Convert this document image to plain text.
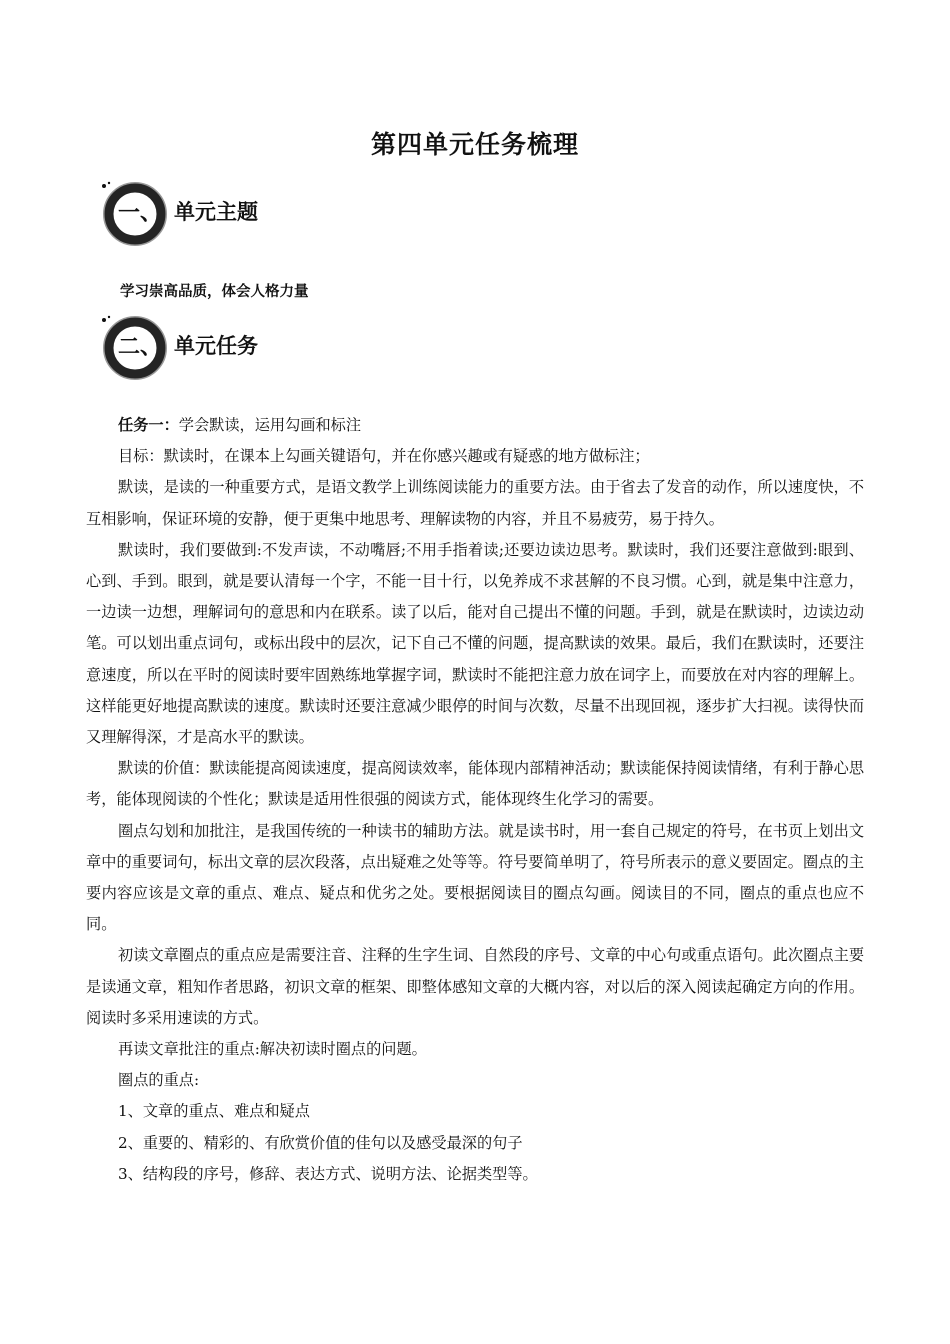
第四单元任务梳理
一、 单元主题
学习崇高品质，体会人格力量
二、 单元任务

任务一：学会默读，运用勾画和标注

目标：默读时，在课本上勾画关键语句，并在你感兴趣或有疑惑的地方做标注；

默读，是读的一种重要方式，是语文教学上训练阅读能力的重要方法。由于省去了发音的动作，所以速度快，不互相影响，保证环境的安静，便于更集中地思考、理解读物的内容，并且不易疲劳，易于持久。

默读时，我们要做到:不发声读，不动嘴唇;不用手指着读;还要边读边思考。默读时，我们还要注意做到:眼到、心到、手到。眼到，就是要认清每一个字，不能一目十行，以免养成不求甚解的不良习惯。心到，就是集中注意力，一边读一边想，理解词句的意思和内在联系。读了以后，能对自己提出不懂的问题。手到，就是在默读时，边读边动笔。可以划出重点词句，或标出段中的层次，记下自己不懂的问题，提高默读的效果。最后，我们在默读时，还要注意速度，所以在平时的阅读时要牢固熟练地掌握字词，默读时不能把注意力放在词字上，而要放在对内容的理解上。这样能更好地提高默读的速度。默读时还要注意减少眼停的时间与次数，尽量不出现回视，逐步扩大扫视。读得快而又理解得深，才是高水平的默读。

默读的价值：默读能提高阅读速度，提高阅读效率，能体现内部精神活动；默读能保持阅读情绪，有利于静心思考，能体现阅读的个性化；默读是适用性很强的阅读方式，能体现终生化学习的需要。

圈点勾划和加批注，是我国传统的一种读书的辅助方法。就是读书时，用一套自己规定的符号，在书页上划出文章中的重要词句，标出文章的层次段落，点出疑难之处等等。符号要简单明了，符号所表示的意义要固定。圈点的主要内容应该是文章的重点、难点、疑点和优劣之处。要根据阅读目的圈点勾画。阅读目的不同，圈点的重点也应不同。

初读文章圈点的重点应是需要注音、注释的生字生词、自然段的序号、文章的中心句或重点语句。此次圈点主要是读通文章，粗知作者思路，初识文章的框架、即整体感知文章的大概内容，对以后的深入阅读起确定方向的作用。阅读时多采用速读的方式。

再读文章批注的重点:解决初读时圈点的问题。

圈点的重点:

1、文章的重点、难点和疑点

2、重要的、精彩的、有欣赏价值的佳句以及感受最深的句子

3、结构段的序号，修辞、表达方式、说明方法、论据类型等。
